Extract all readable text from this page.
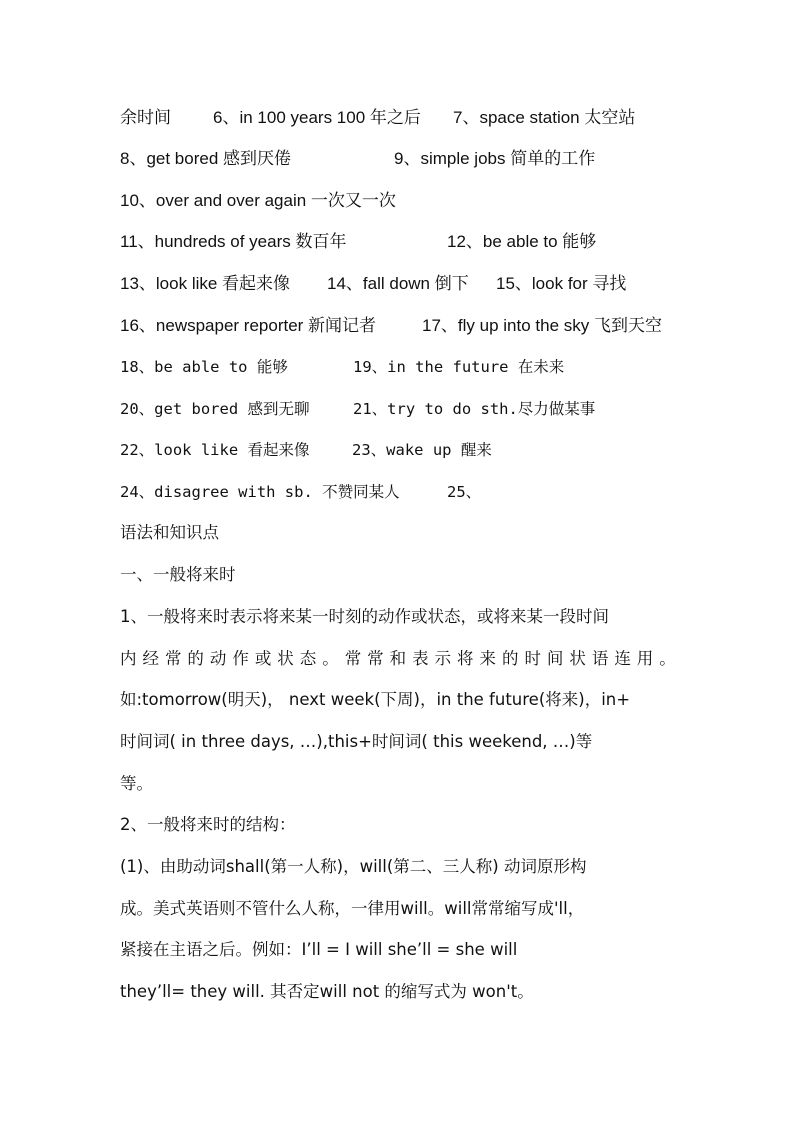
余时间 6、in 100 years 100 年之后 7、space station 太空站
8、get bored 感到厌倦	9、simple jobs 简单的工作
10、over and over again 一次又一次
11、hundreds of years 数百年	12、be able to 能够
13、look like 看起来像 14、fall down 倒下 15、look for 寻找
16、newspaper reporter 新闻记者	17、fly up into the sky 飞到天空
18、be able to 能够	19、in the future 在未来
20、get bored 感到无聊	21、try to do sth.尽力做某事
22、look like 看起来像	23、wake up 醒来
24、disagree with sb. 不赞同某人	25、
语法和知识点
一、一般将来时
1、一般将来时表示将来某一时刻的动作或状态，或将来某一段时间
内 经 常 的 动 作 或 状 态 。 常 常 和 表 示 将 来 的 时 间 状 语 连 用 。
如:tomorrow(明天)， next week(下周)，in the future(将来)，in+
时间词( in three days, …),this+时间词( this weekend, …)等
等。
2、一般将来时的结构：
(1)、由助动词shall(第一人称)，will(第二、三人称) 动词原形构
成。美式英语则不管什么人称，一律用will。will常常缩写成'll，
紧接在主语之后。例如：I’ll = I will she’ll = she will
they’ll= they will. 其否定will not 的缩写式为 won't。
